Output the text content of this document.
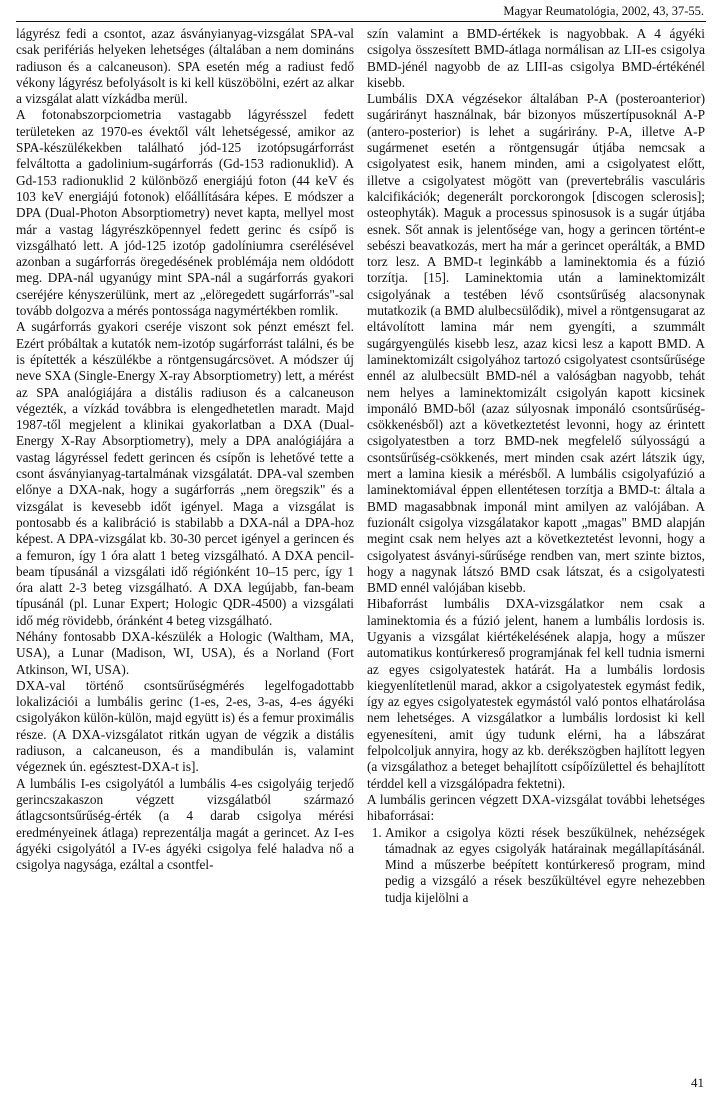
Magyar Reumatológia, 2002, 43, 37-55.

lágyrész fedi a csontot, azaz ásványianyag-vizsgálat SPA-val csak perifériás helyeken lehetséges (általában a nem domináns radiuson és a calcaneuson). SPA esetén még a radiust fedő vékony lágyrész befolyásolt is ki kell küszöbölni, ezért az alkar a vizsgálat alatt vízkádba merül.

A fotonabszorpciometria vastagabb lágyrésszel fedett területeken az 1970-es évektől vált lehetségessé, amikor az SPA-készülékekben található jód-125 izotópsugárforrást felváltotta a gadolinium-sugárforrás (Gd-153 radionuklid). A Gd-153 radionuklid 2 különböző energiájú foton (44 keV és 103 keV energiájú fotonok) előállítására képes. E módszer a DPA (Dual-Photon Absorptiometry) nevet kapta, mellyel most már a vastag lágyrészköpennyel fedett gerinc és csípő is vizsgálható lett. A jód-125 izotóp gadolíniumra cserélésével azonban a sugárforrás öregedésének problémája nem oldódott meg. DPA-nál ugyanúgy mint SPA-nál a sugárforrás gyakori cseréjére kényszerülünk, mert az „elöregedett sugárforrás"-sal tovább dolgozva a mérés pontossága nagymértékben romlik.

A sugárforrás gyakori cseréje viszont sok pénzt emészt fel. Ezért próbáltak a kutatók nem-izotóp sugárforrást találni, és be is építették a készülékbe a röntgensugárcsövet. A módszer új neve SXA (Single-Energy X-ray Absorptiometry) lett, a mérést az SPA analógiájára a distális radiuson és a calcaneuson végezték, a vízkád továbbra is elengedhetetlen maradt. Majd 1987-től megjelent a klinikai gyakorlatban a DXA (Dual-Energy X-Ray Absorptiometry), mely a DPA analógiájára a vastag lágyréssel fedett gerincen és csípőn is lehetővé tette a csont ásványianyag-tartalmának vizsgálatát. DPA-val szemben előnye a DXA-nak, hogy a sugárforrás „nem öregszik" és a vizsgálat is kevesebb időt igényel. Maga a vizsgálat is pontosabb és a kalibráció is stabilabb a DXA-nál a DPA-hoz képest. A DPA-vizsgálat kb. 30-30 percet igényel a gerincen és a femuron, így 1 óra alatt 1 beteg vizsgálható. A DXA pencil-beam típusánál a vizsgálati idő régiónként 10–15 perc, így 1 óra alatt 2-3 beteg vizsgálható. A DXA legújabb, fan-beam típusánál (pl. Lunar Expert; Hologic QDR-4500) a vizsgálati idő még rövidebb, óránként 4 beteg vizsgálható.

Néhány fontosabb DXA-készülék a Hologic (Waltham, MA, USA), a Lunar (Madison, WI, USA), és a Norland (Fort Atkinson, WI, USA).

DXA-val történő csontsűrűségmérés legelfogadottabb lokalizációi a lumbális gerinc (1-es, 2-es, 3-as, 4-es ágyéki csigolyákon külön-külön, majd együtt is) és a femur proximális része. (A DXA-vizsgálatot ritkán ugyan de végzik a distális radiuson, a calcaneuson, és a mandibulán is, valamint végeznek ún. egésztest-DXA-t is].

A lumbális I-es csigolyától a lumbális 4-es csigolyáig terjedő gerincszakaszon végzett vizsgálatból származó átlagcsontsűrűség-érték (a 4 darab csigolya mérési eredményeinek átlaga) reprezentálja magát a gerincet. Az I-es ágyéki csigolyától a IV-es ágyéki csigolya felé haladva nő a csigolya nagysága, ezáltal a csontfel-

szín valamint a BMD-értékek is nagyobbak. A 4 ágyéki csigolya összesített BMD-átlaga normálisan az LII-es csigolya BMD-jénél nagyobb de az LIII-as csigolya BMD-értékénél kisebb.

Lumbális DXA végzésekor általában P-A (posteroanterior) sugárirányt használnak, bár bizonyos műszertípusoknál A-P (antero-posterior) is lehet a sugárirány. P-A, illetve A-P sugármenet esetén a röntgensugár útjába nemcsak a csigolyatest esik, hanem minden, ami a csigolyatest előtt, illetve a csigolyatest mögött van (prevertebrális vasculáris kalcifikációk; degenerált porckorongok [discogen sclerosis]; osteophyták). Maguk a processus spinosusok is a sugár útjába esnek. Sőt annak is jelentősége van, hogy a gerincen történt-e sebészi beavatkozás, mert ha már a gerincet operálták, a BMD torz lesz. A BMD-t leginkább a laminektomia és a fúzió torzítja. [15]. Laminektomia után a laminektomizált csigolyának a testében lévő csontsűrűség alacsonynak mutatkozik (a BMD alulbecsülődik), mivel a röntgensugarat az eltávolított lamina már nem gyengíti, a szummált sugárgyengülés kisebb lesz, azaz kicsi lesz a kapott BMD. A laminektomizált csigolyához tartozó csigolyatest csontsűrűsége ennél az alulbecsült BMD-nél a valóságban nagyobb, tehát nem helyes a laminektomizált csigolyán kapott kicsinek imponáló BMD-ből (azaz súlyosnak imponáló csontsűrűség-csökkenésből) azt a következtetést levonni, hogy az érintett csigolyatestben a torz BMD-nek megfelelő súlyosságú a csontsűrűség-csökkenés, mert minden csak azért látszik úgy, mert a lamina kiesik a mérésből. A lumbális csigolyafúzió a laminektomiával éppen ellentétesen torzítja a BMD-t: általa a BMD magasabbnak imponál mint amilyen az valójában. A fuzionált csigolya vizsgálatakor kapott „magas" BMD alapján megint csak nem helyes azt a következtetést levonni, hogy a csigolyatest ásványi-sűrűsége rendben van, mert szinte biztos, hogy a nagynak látszó BMD csak látszat, és a csigolyatesti BMD ennél valójában kisebb.

Hibaforrást lumbális DXA-vizsgálatkor nem csak a laminektomia és a fúzió jelent, hanem a lumbális lordosis is. Ugyanis a vizsgálat kiértékelésének alapja, hogy a műszer automatikus kontúrkereső programjának fel kell tudnia ismerni az egyes csigolyatestek határát. Ha a lumbális lordosis kiegyenlítetlenül marad, akkor a csigolyatestek egymást fedik, így az egyes csigolyatestek egymástól való pontos elhatárolása nem lehetséges. A vizsgálatkor a lumbális lordosist ki kell egyenesíteni, amit úgy tudunk elérni, ha a lábszárat felpolcoljuk annyira, hogy az kb. derékszögben hajlított legyen (a vizsgálathoz a beteget behajlított csípőízülettel és behajlított térddel kell a vizsgálópadra fektetni).

A lumbális gerincen végzett DXA-vizsgálat további lehetséges hibaforrásai:

1. Amikor a csigolya közti rések beszűkülnek, nehézségek támadnak az egyes csigolyák határainak megállapításánál. Mind a műszerbe beépített kontúrkereső program, mind pedig a vizsgáló a rések beszűkültével egyre nehezebben tudja kijelölni a
41
